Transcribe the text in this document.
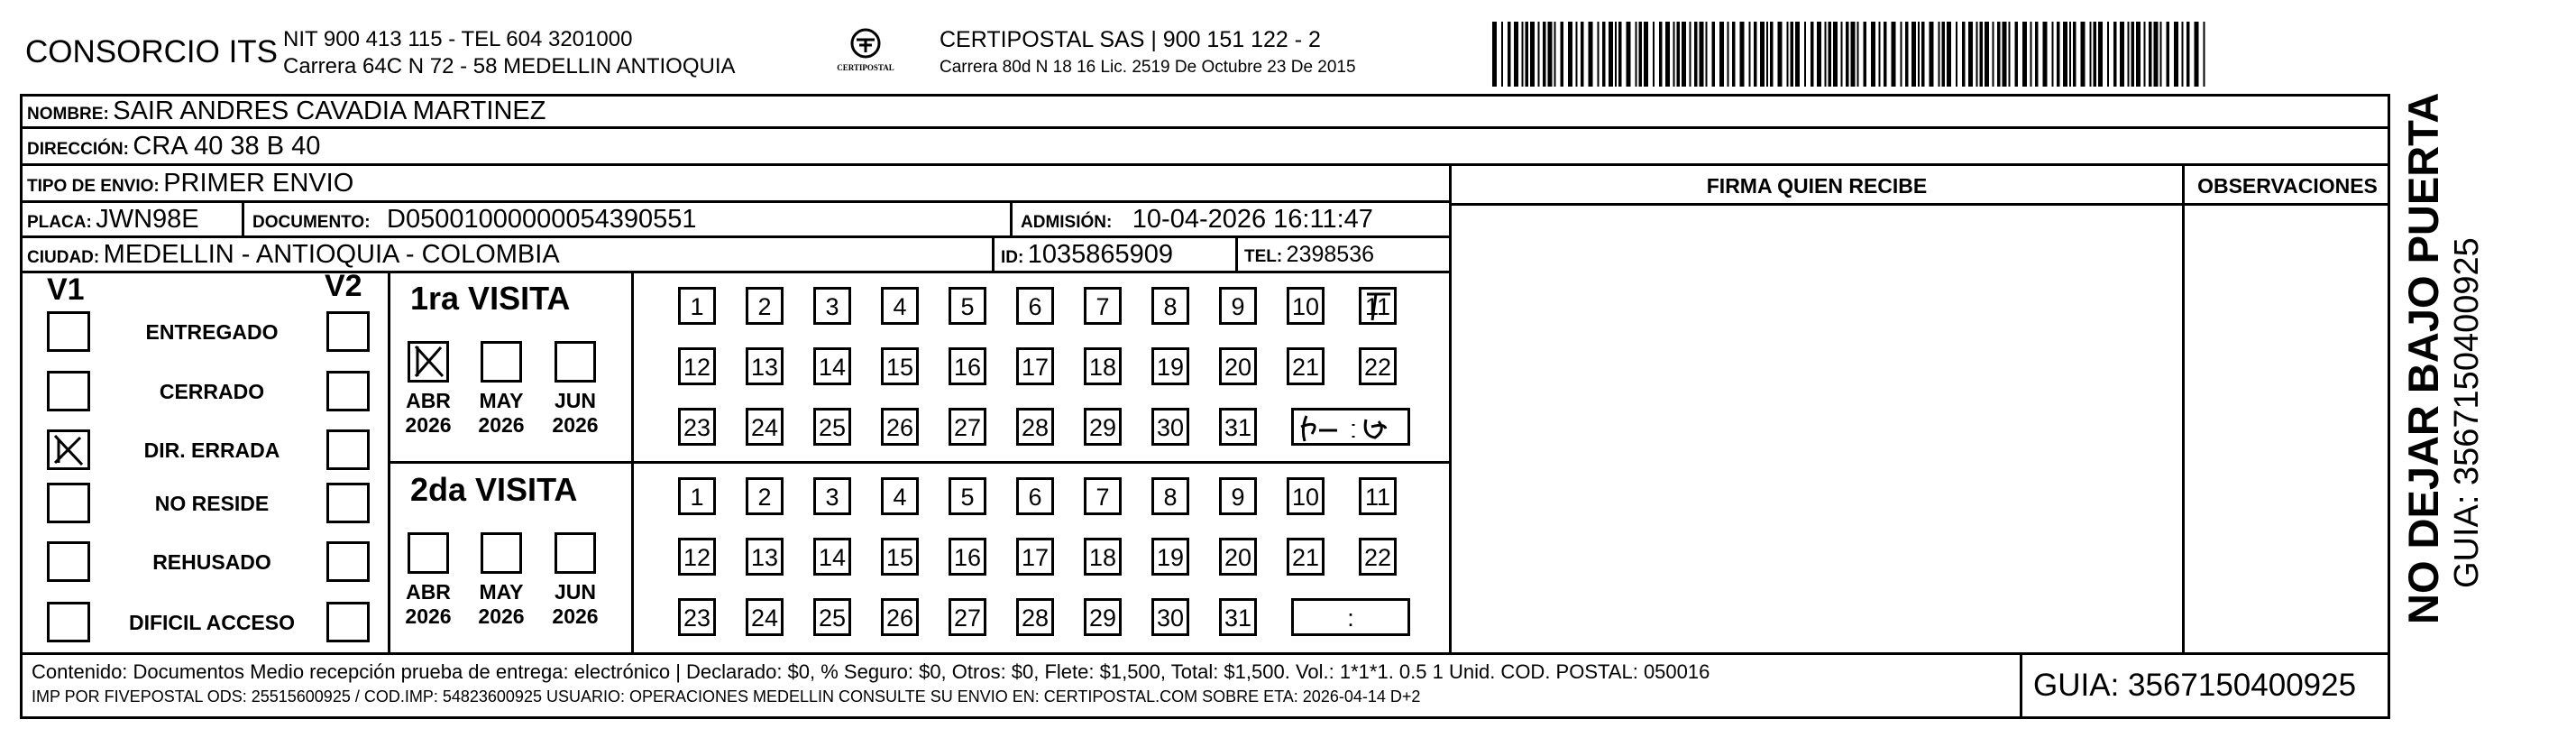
CONSORCIO ITS NIT 900 413 115 - TEL 604 3201000
Carrera 64C N 72 - 58 MEDELLIN ANTIOQUIA	CERTIPOSTAL
CERTIPOSTAL SAS | 900 151 122 - 2
Carrera 80d N 18 16 Lic. 2519 De Octubre 23 De 2015
NOMBRE: SAIR ANDRES CAVADIA MARTINEZ
DIRECCIÓN: CRA 40 38 B 40
TIPO DE ENVIO: PRIMER ENVIO
PLACA: JWN98E	DOCUMENTO: D05001000000054390551	ADMISIÓN: 10-04-2026 16:11:47
CIUDAD: MEDELLIN - ANTIOQUIA - COLOMBIA	ID: 1035865909	TEL: 2398536
FIRMA QUIEN RECIBE	OBSERVACIONES
V1	V2
ENTREGADO
CERRADO
DIR. ERRADA
NO RESIDE
REHUSADO
DIFICIL ACCESO
1ra VISITA
2da VISITA
ABR
2026
MAY
2026
JUN
2026
ABR
2026
MAY
2026
JUN
2026
1	2	3	4	5	6	7	8	9	10 11
12 13 14 15 16 17 18 19 20 21 22
23 24 25 26 27 28 29 30 31
1	2	3	4	5	6	7	8	9	10 11
12 13 14 15 16 17 18 19 20 21 22
23 24 25 26 27 28 29 30 31	:
Contenido: Documentos Medio recepción prueba de entrega: electrónico | Declarado: $0, % Seguro: $0, Otros: $0, Flete: $1,500, Total: $1,500. Vol.: 1*1*1. 0.5 1 Unid. COD. POSTAL: 050016
IMP POR FIVEPOSTAL ODS: 25515600925 / COD.IMP: 54823600925 USUARIO: OPERACIONES MEDELLIN CONSULTE SU ENVIO EN: CERTIPOSTAL.COM SOBRE ETA: 2026-04-14 D+2	GUIA: 3567150400925
NO DEJAR BAJO PUERTA GUIA: 3567150400925
